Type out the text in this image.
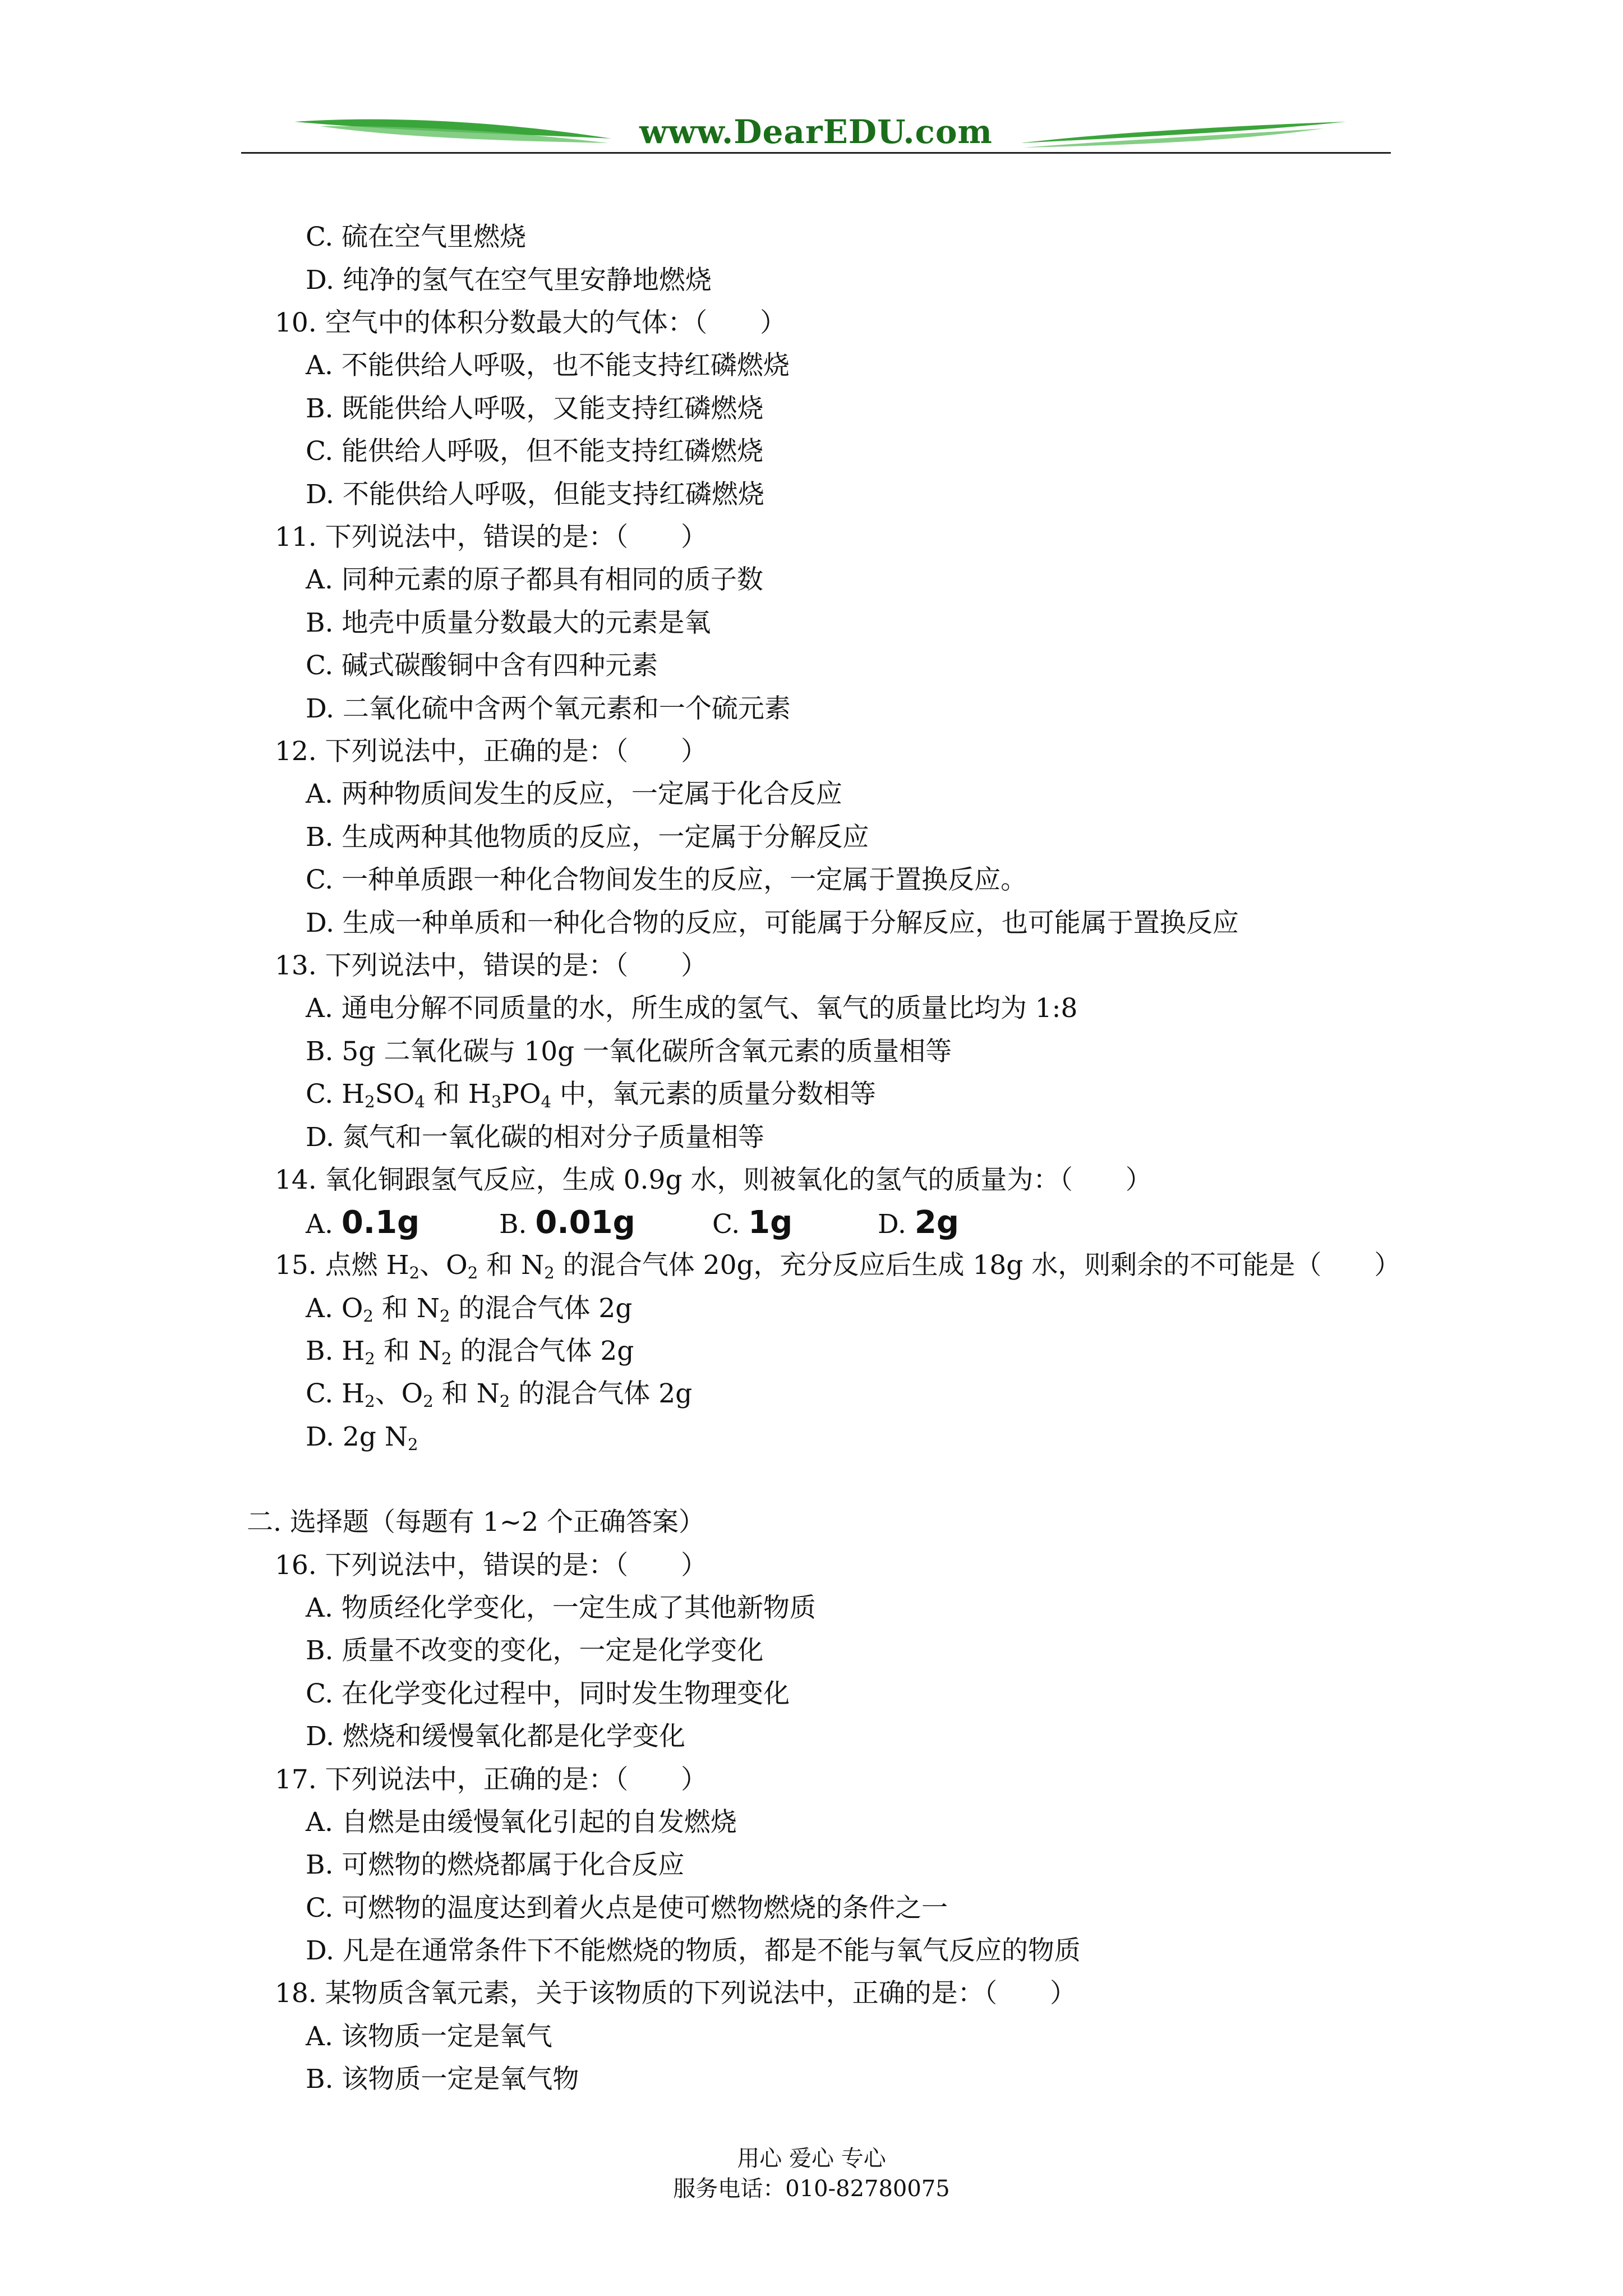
www.DearEDU.com
C. 硫在空气里燃烧
D. 纯净的氢气在空气里安静地燃烧
10. 空气中的体积分数最大的气体：（　　）
A. 不能供给人呼吸，也不能支持红磷燃烧
B. 既能供给人呼吸，又能支持红磷燃烧
C. 能供给人呼吸，但不能支持红磷燃烧
D. 不能供给人呼吸，但能支持红磷燃烧
11. 下列说法中，错误的是：（　　）
A. 同种元素的原子都具有相同的质子数
B. 地壳中质量分数最大的元素是氧
C. 碱式碳酸铜中含有四种元素
D. 二氧化硫中含两个氧元素和一个硫元素
12. 下列说法中，正确的是：（　　）
A. 两种物质间发生的反应，一定属于化合反应
B. 生成两种其他物质的反应，一定属于分解反应
C. 一种单质跟一种化合物间发生的反应，一定属于置换反应。
D. 生成一种单质和一种化合物的反应，可能属于分解反应，也可能属于置换反应
13. 下列说法中，错误的是：（　　）
A. 通电分解不同质量的水，所生成的氢气、氧气的质量比均为 1:8
B. 5g 二氧化碳与 10g 一氧化碳所含氧元素的质量相等
C. $H_2SO_4$ 和 $H_3PO_4$ 中，氧元素的质量分数相等
D. 氮气和一氧化碳的相对分子质量相等
14. 氧化铜跟氢气反应，生成 0.9g 水，则被氧化的氢气的质量为：（　　）
15. 点燃 $H_2$、$O_2$ 和 $N_2$ 的混合气体 20g，充分反应后生成 18g 水，则剩余的不可能是（　　）
A. $O_2$ 和 $N_2$ 的混合气体 2g
B. $H_2$ 和 $N_2$ 的混合气体 2g
C. $H_2$、$O_2$ 和 $N_2$ 的混合气体 2g
D. 2g $N_2$
二. 选择题（每题有 1~2 个正确答案）
16. 下列说法中，错误的是：（　　）
A. 物质经化学变化，一定生成了其他新物质
B. 质量不改变的变化，一定是化学变化
C. 在化学变化过程中，同时发生物理变化
D. 燃烧和缓慢氧化都是化学变化
17. 下列说法中，正确的是：（　　）
A. 自燃是由缓慢氧化引起的自发燃烧
B. 可燃物的燃烧都属于化合反应
C. 可燃物的温度达到着火点是使可燃物燃烧的条件之一
D. 凡是在通常条件下不能燃烧的物质，都是不能与氧气反应的物质
18. 某物质含氧元素，关于该物质的下列说法中，正确的是：（　　）
A. 该物质一定是氧气
B. 该物质一定是氧气物
A. 0.1g	B. 0.01g	C. 1g	D. 2g
用心 爱心 专心
服务电话：010-82780075
